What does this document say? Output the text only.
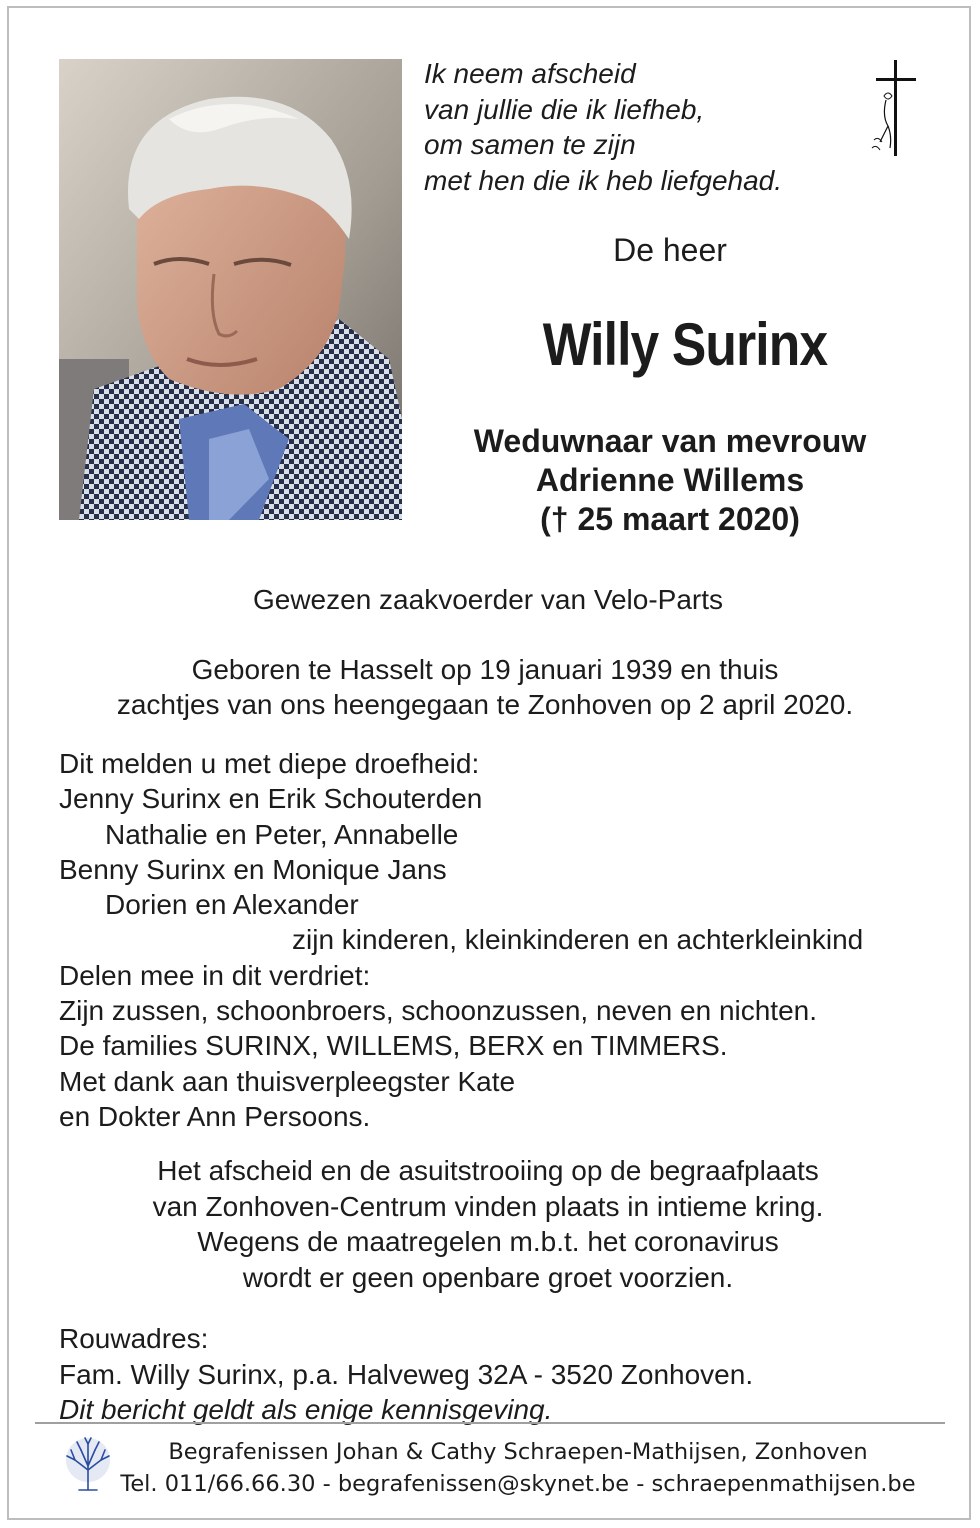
Ik neem afscheid
van jullie die ik liefheb,
om samen te zijn
met hen die ik heb liefgehad.
De heer
Willy Surinx
Weduwnaar van mevrouw
Adrienne Willems
(† 25 maart 2020)
Gewezen zaakvoerder van Velo-Parts
Geboren te Hasselt op 19 januari 1939 en thuis
zachtjes van ons heengegaan te Zonhoven op 2 april 2020.
Dit melden u met diepe droefheid:
Jenny Surinx en Erik Schouterden
Nathalie en Peter, Annabelle
Benny Surinx en Monique Jans
Dorien en Alexander
zijn kinderen, kleinkinderen en achterkleinkind
Delen mee in dit verdriet:
Zijn zussen, schoonbroers, schoonzussen, neven en nichten.
De families SURINX, WILLEMS, BERX en TIMMERS.
Met dank aan thuisverpleegster Kate
en Dokter Ann Persoons.
Het afscheid en de asuitstrooiing op de begraafplaats
van Zonhoven-Centrum vinden plaats in intieme kring.
Wegens de maatregelen m.b.t. het coronavirus
wordt er geen openbare groet voorzien.
Rouwadres:
Fam. Willy Surinx, p.a. Halveweg 32A - 3520 Zonhoven.
Dit bericht geldt als enige kennisgeving.
Begrafenissen Johan & Cathy Schraepen-Mathijsen, Zonhoven
Tel. 011/66.66.30 - begrafenissen@skynet.be - schraepenmathijsen.be
